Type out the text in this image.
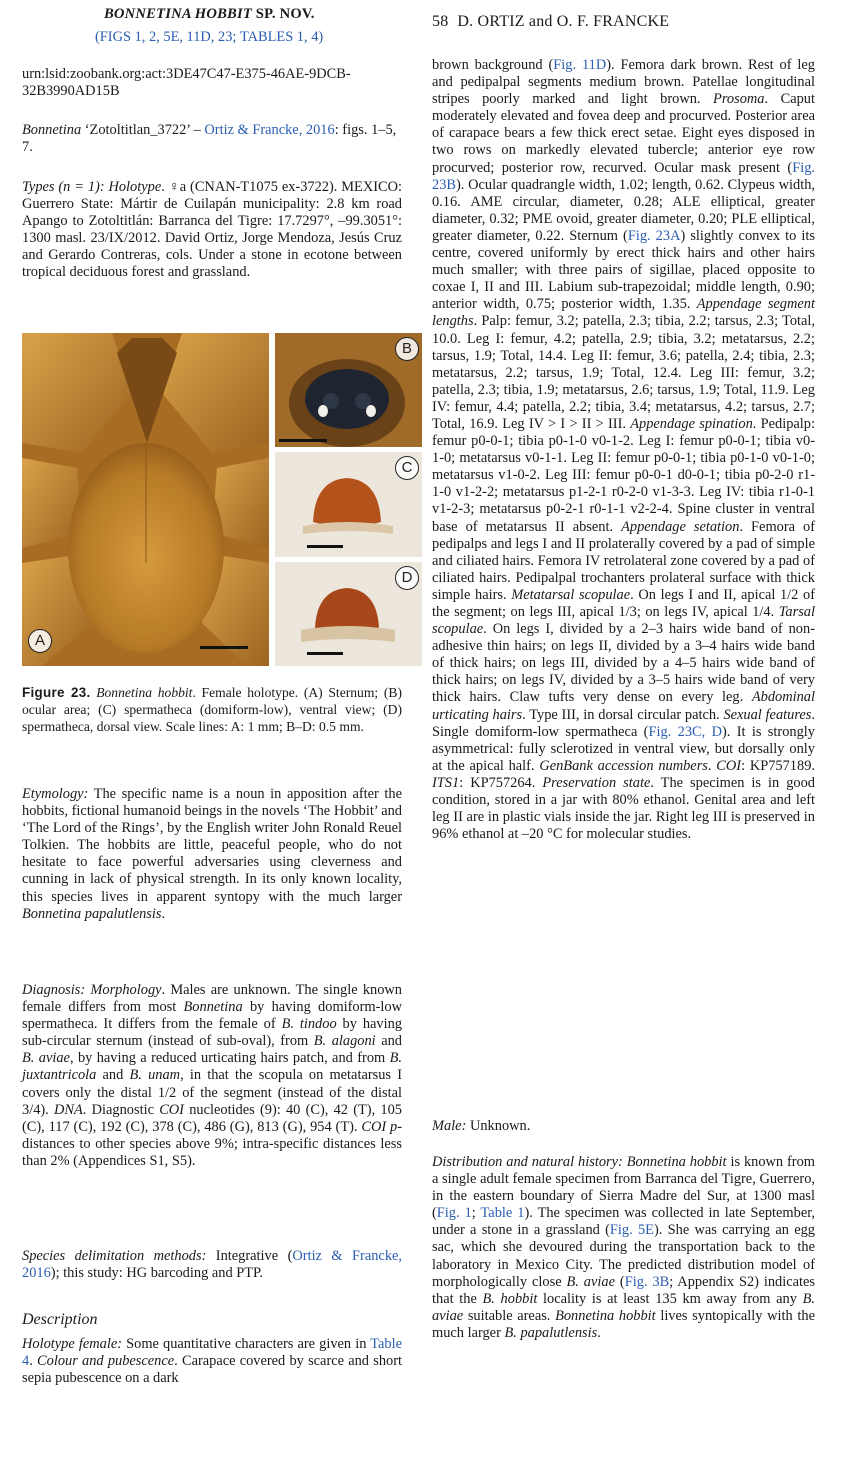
BONNETINA HOBBIT SP. NOV.
(FIGS 1, 2, 5E, 11D, 23; TABLES 1, 4)

urn:lsid:zoobank.org:act:3DE47C47-E375-46AE-9DCB-32B3990AD15B

Bonnetina ‘Zotoltitlan_3722’ – Ortiz & Francke, 2016: figs. 1–5, 7.

Types (n = 1): Holotype. ♀a (CNAN-T1075 ex-3722). MEXICO: Guerrero State: Mártir de Cuilapán municipality: 2.8 km road Apango to Zotoltitlán: Barranca del Tigre: 17.7297°, –99.3051°: 1300 masl. 23/IX/2012. David Ortiz, Jorge Mendoza, Jesús Cruz and Gerardo Contreras, cols. Under a stone in ecotone between tropical deciduous forest and grassland.

Figure 23. Bonnetina hobbit. Female holotype. (A) Sternum; (B) ocular area; (C) spermatheca (domiform-low), ventral view; (D) spermatheca, dorsal view. Scale lines: A: 1 mm; B–D: 0.5 mm.

Etymology: The specific name is a noun in apposition after the hobbits, fictional humanoid beings in the novels ‘The Hobbit’ and ‘The Lord of the Rings’, by the English writer John Ronald Reuel Tolkien. The hobbits are little, peaceful people, who do not hesitate to face powerful adversaries using cleverness and cunning in lack of physical strength. In its only known locality, this species lives in apparent syntopy with the much larger Bonnetina papalutlensis.

Diagnosis: Morphology. Males are unknown. The single known female differs from most Bonnetina by having domiform-low spermatheca. It differs from the female of B. tindoo by having sub-circular sternum (instead of sub-oval), from B. alagoni and B. aviae, by having a reduced urticating hairs patch, and from B. juxtantricola and B. unam, in that the scopula on metatarsus I covers only the distal 1/2 of the segment (instead of the distal 3/4). DNA. Diagnostic COI nucleotides (9): 40 (C), 42 (T), 105 (C), 117 (C), 192 (C), 378 (C), 486 (G), 813 (G), 954 (T). COI p-distances to other species above 9%; intra-specific distances less than 2% (Appendices S1, S5).

Species delimitation methods: Integrative (Ortiz & Francke, 2016); this study: HG barcoding and PTP.

Description

Holotype female: Some quantitative characters are given in Table 4. Colour and pubescence. Carapace covered by scarce and short sepia pubescence on a dark

A
B
C
D
58 D. ORTIZ and O. F. FRANCKE

brown background (Fig. 11D). Femora dark brown. Rest of leg and pedipalpal segments medium brown. Patellae longitudinal stripes poorly marked and light brown. Prosoma. Caput moderately elevated and fovea deep and procurved. Posterior area of carapace bears a few thick erect setae. Eight eyes disposed in two rows on markedly elevated tubercle; anterior eye row procurved; posterior row, recurved. Ocular mask present (Fig. 23B). Ocular quadrangle width, 1.02; length, 0.62. Clypeus width, 0.16. AME circular, diameter, 0.28; ALE elliptical, greater diameter, 0.32; PME ovoid, greater diameter, 0.20; PLE elliptical, greater diameter, 0.22. Sternum (Fig. 23A) slightly convex to its centre, covered uniformly by erect thick hairs and other hairs much smaller; with three pairs of sigillae, placed opposite to coxae I, II and III. Labium sub-trapezoidal; middle length, 0.90; anterior width, 0.75; posterior width, 1.35. Appendage segment lengths. Palp: femur, 3.2; patella, 2.3; tibia, 2.2; tarsus, 2.3; Total, 10.0. Leg I: femur, 4.2; patella, 2.9; tibia, 3.2; metatarsus, 2.2; tarsus, 1.9; Total, 14.4. Leg II: femur, 3.6; patella, 2.4; tibia, 2.3; metatarsus, 2.2; tarsus, 1.9; Total, 12.4. Leg III: femur, 3.2; patella, 2.3; tibia, 1.9; metatarsus, 2.6; tarsus, 1.9; Total, 11.9. Leg IV: femur, 4.4; patella, 2.2; tibia, 3.4; metatarsus, 4.2; tarsus, 2.7; Total, 16.9. Leg IV > I > II > III. Appendage spination. Pedipalp: femur p0-0-1; tibia p0-1-0 v0-1-2. Leg I: femur p0-0-1; tibia v0-1-0; metatarsus v0-1-1. Leg II: femur p0-0-1; tibia p0-1-0 v0-1-0; metatarsus v1-0-2. Leg III: femur p0-0-1 d0-0-1; tibia p0-2-0 r1-1-0 v1-2-2; metatarsus p1-2-1 r0-2-0 v1-3-3. Leg IV: tibia r1-0-1 v1-2-3; metatarsus p0-2-1 r0-1-1 v2-2-4. Spine cluster in ventral base of metatarsus II absent. Appendage setation. Femora of pedipalps and legs I and II prolaterally covered by a pad of simple and ciliated hairs. Femora IV retrolateral zone covered by a pad of ciliated hairs. Pedipalpal trochanters prolateral surface with thick simple hairs. Metatarsal scopulae. On legs I and II, apical 1/2 of the segment; on legs III, apical 1/3; on legs IV, apical 1/4. Tarsal scopulae. On legs I, divided by a 2–3 hairs wide band of non-adhesive thin hairs; on legs II, divided by a 3–4 hairs wide band of thick hairs; on legs III, divided by a 4–5 hairs wide band of thick hairs; on legs IV, divided by a 3–5 hairs wide band of very thick hairs. Claw tufts very dense on every leg. Abdominal urticating hairs. Type III, in dorsal circular patch. Sexual features. Single domiform-low spermatheca (Fig. 23C, D). It is strongly asymmetrical: fully sclerotized in ventral view, but dorsally only at the apical half. GenBank accession numbers. COI: KP757189. ITS1: KP757264. Preservation state. The specimen is in good condition, stored in a jar with 80% ethanol. Genital area and left leg II are in plastic vials inside the jar. Right leg III is preserved in 96% ethanol at –20 °C for molecular studies.

Male: Unknown.

Distribution and natural history: Bonnetina hobbit is known from a single adult female specimen from Barranca del Tigre, Guerrero, in the eastern boundary of Sierra Madre del Sur, at 1300 masl (Fig. 1; Table 1). The specimen was collected in late September, under a stone in a grassland (Fig. 5E). She was carrying an egg sac, which she devoured during the transportation back to the laboratory in Mexico City. The predicted distribution model of morphologically close B. aviae (Fig. 3B; Appendix S2) indicates that the B. hobbit locality is at least 135 km away from any B. aviae suitable areas. Bonnetina hobbit lives syntopically with the much larger B. papalutlensis.
